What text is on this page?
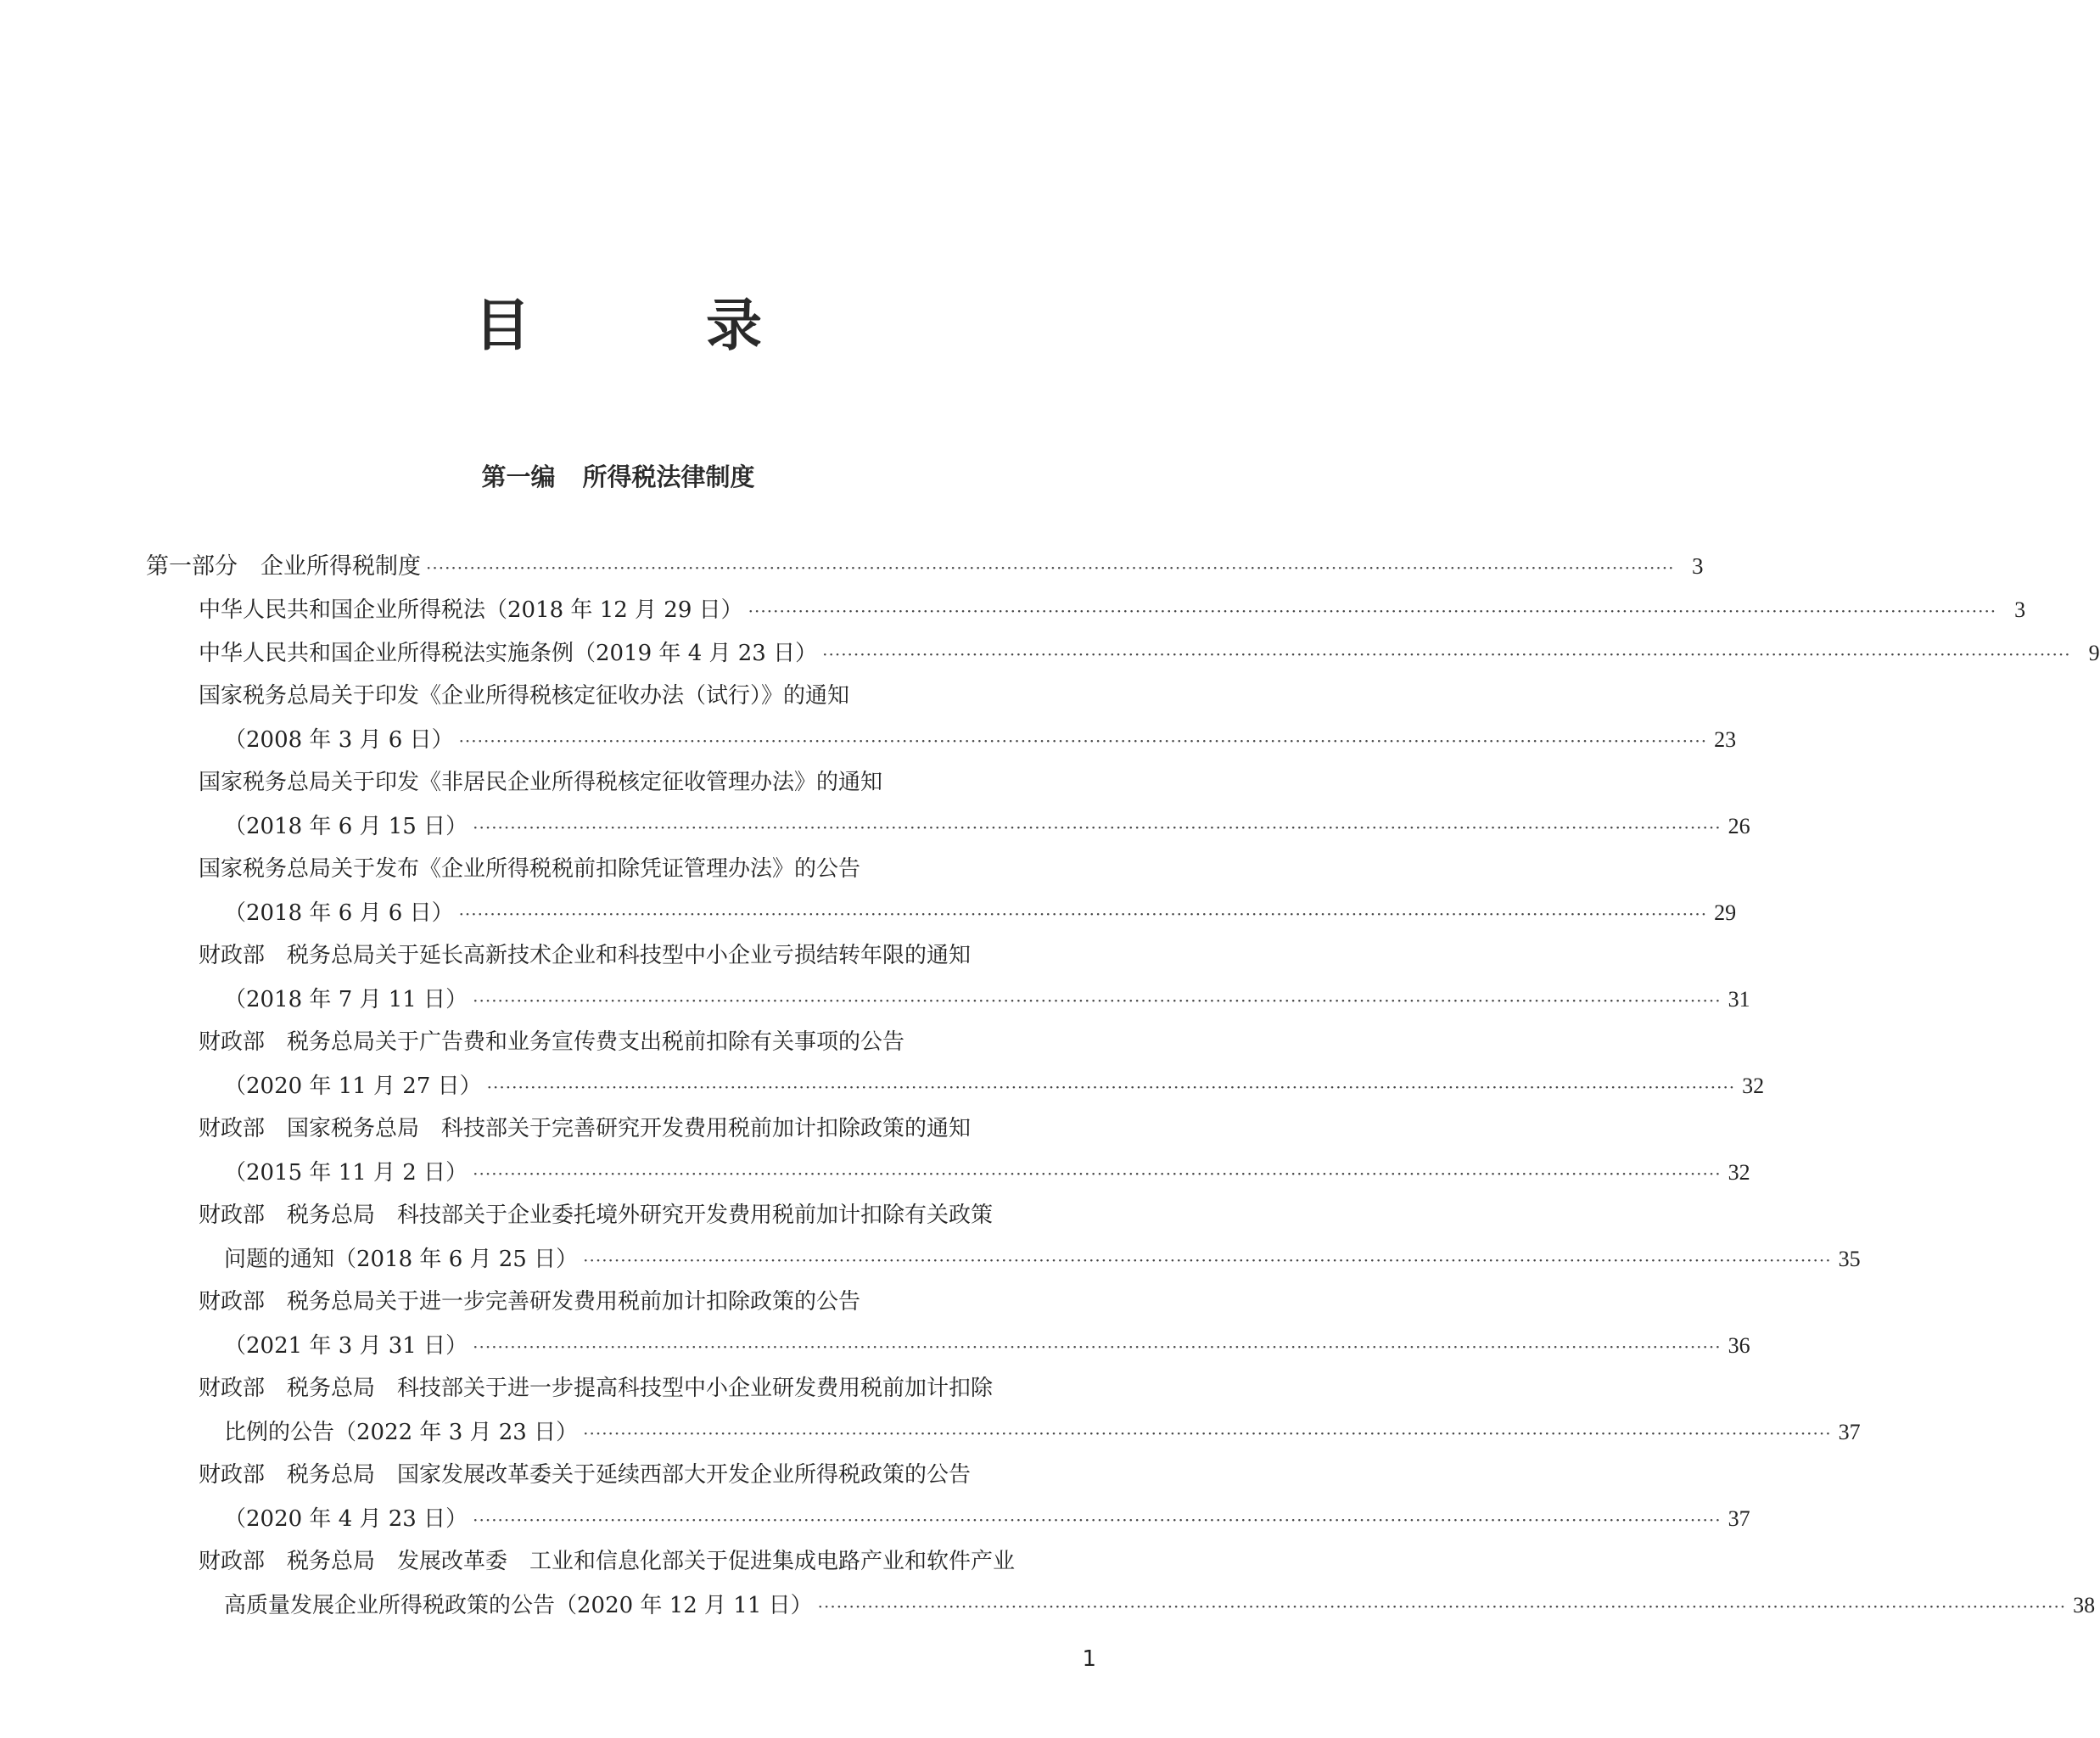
目 录
第一编 所得税法律制度
第一部分　企业所得税制度 ········································································································································································································ 3
中华人民共和国企业所得税法（2018 年 12 月 29 日） ········································································································································································································ 3
中华人民共和国企业所得税法实施条例（2019 年 4 月 23 日） ········································································································································································································ 9
国家税务总局关于印发《企业所得税核定征收办法（试行）》的通知
（2008 年 3 月 6 日） ········································································································································································································ 23
国家税务总局关于印发《非居民企业所得税核定征收管理办法》的通知
（2018 年 6 月 15 日） ········································································································································································································ 26
国家税务总局关于发布《企业所得税税前扣除凭证管理办法》的公告
（2018 年 6 月 6 日） ········································································································································································································ 29
财政部　税务总局关于延长高新技术企业和科技型中小企业亏损结转年限的通知
（2018 年 7 月 11 日） ········································································································································································································ 31
财政部　税务总局关于广告费和业务宣传费支出税前扣除有关事项的公告
（2020 年 11 月 27 日） ········································································································································································································ 32
财政部　国家税务总局　科技部关于完善研究开发费用税前加计扣除政策的通知
（2015 年 11 月 2 日） ········································································································································································································ 32
财政部　税务总局　科技部关于企业委托境外研究开发费用税前加计扣除有关政策
问题的通知（2018 年 6 月 25 日） ········································································································································································································ 35
财政部　税务总局关于进一步完善研发费用税前加计扣除政策的公告
（2021 年 3 月 31 日） ········································································································································································································ 36
财政部　税务总局　科技部关于进一步提高科技型中小企业研发费用税前加计扣除
比例的公告（2022 年 3 月 23 日） ········································································································································································································ 37
财政部　税务总局　国家发展改革委关于延续西部大开发企业所得税政策的公告
（2020 年 4 月 23 日） ········································································································································································································ 37
财政部　税务总局　发展改革委　工业和信息化部关于促进集成电路产业和软件产业
高质量发展企业所得税政策的公告（2020 年 12 月 11 日） ········································································································································································································ 38
1
